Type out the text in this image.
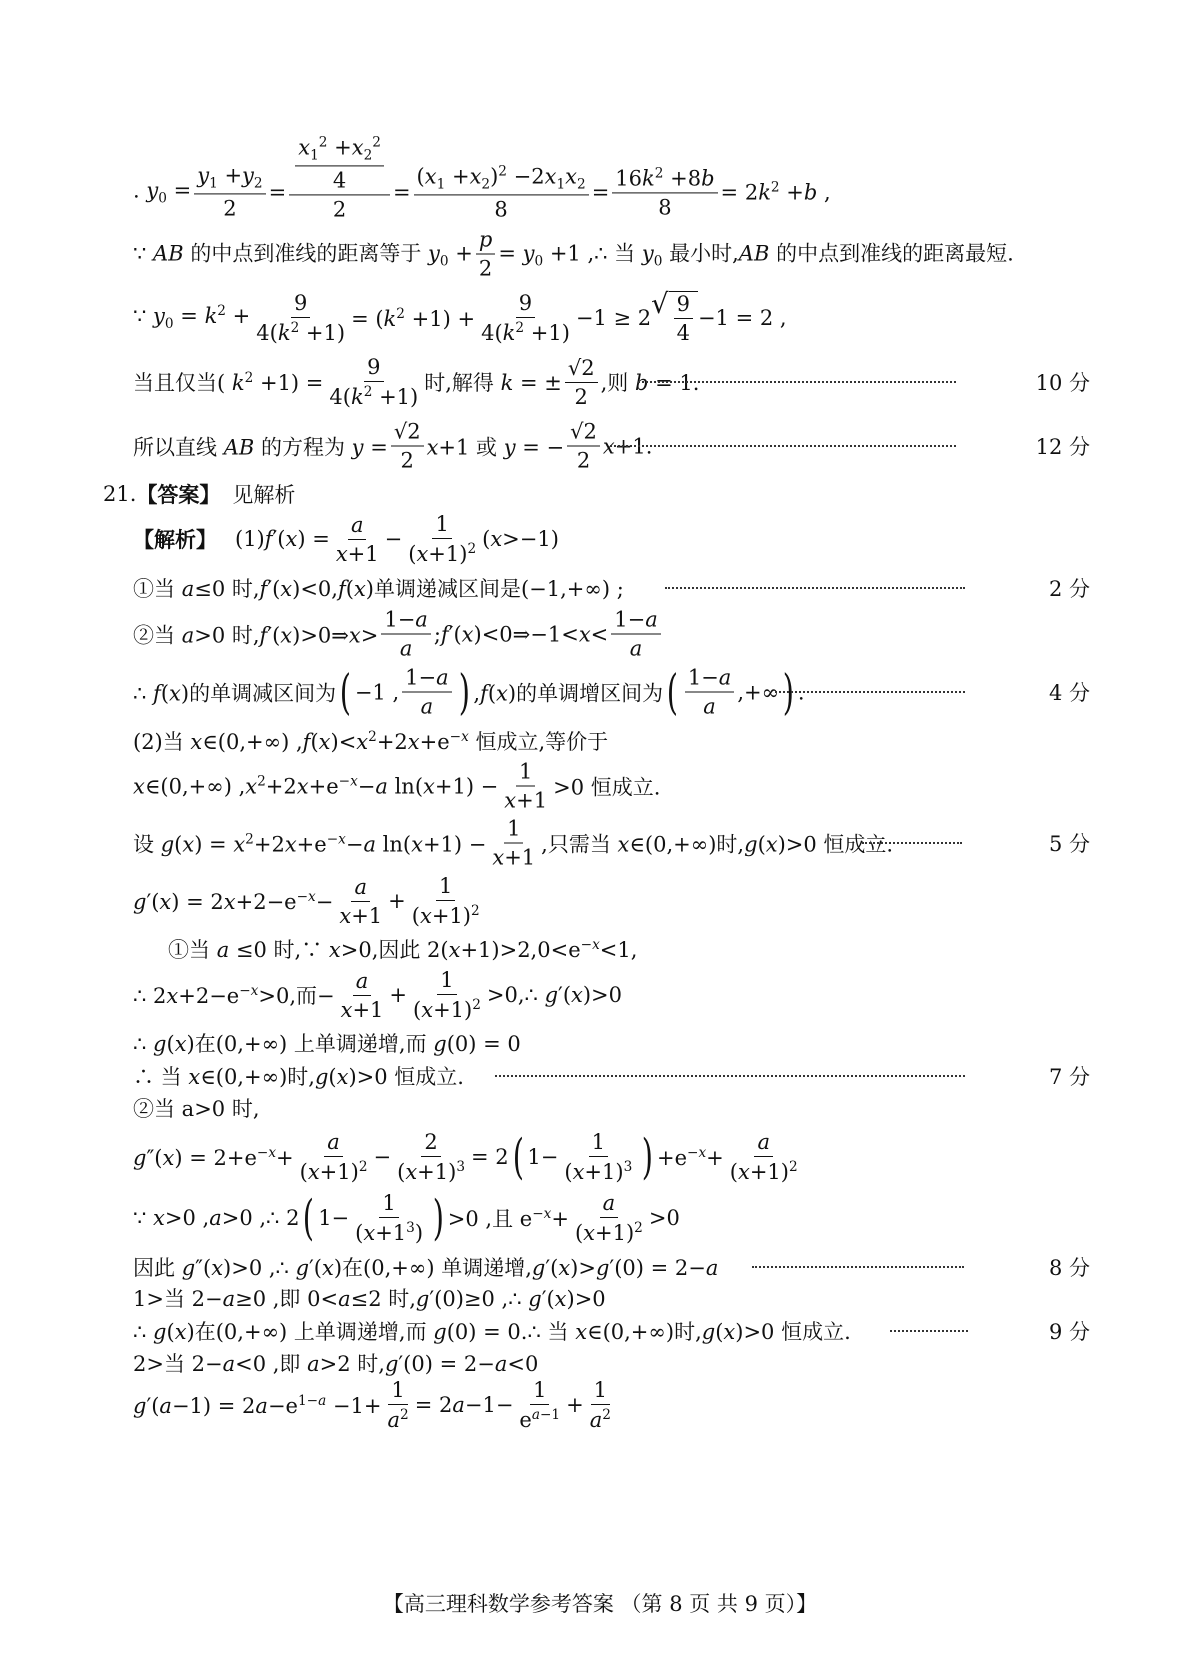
. $y_0 = \frac{y_1 +y_2}{2} = \frac{\frac{x_1^2 +x_2^2}{4}}{2} = \frac{(x_1 +x_2)^2 -2x_1x_2}{8} = \frac{16k^2 +8b}{8} = 2k^2 +b$ ,
∵ AB 的中点到准线的距离等于 $y_0 + \frac{p}{2} = y_0 +1$ ,∴ 当 $y_0$ 最小时,AB 的中点到准线的距离最短.
∵ $y_0 = k^2 + \frac{9}{4(k^2 +1)} = (k^2 +1) + \frac{9}{4(k^2 +1)} -1 \ge 2$ √ $\frac{9}{4} -1 = 2$ ,
当且仅当( $k^2 +1) = \frac{9}{4(k^2 +1)}$ 时,解得 k = ± $\frac{√2}{2}$ ,则 b = 1.	10 分
所以直线 AB 的方程为 $y = \frac{√2}{2} x+1$ 或 y = − $\frac{√2}{2} x+1$.	12 分
21. 【答案】 见解析
【解析】 $(1)f'(x) = \frac{a}{x+1} - \frac{1}{(x+1)^2} (x>-1)$
①当 a≤0 时,f′(x)<0,f(x)单调递减区间是(−1,+∞) ;	2 分
②当 a>0 时,f′(x)>0⇒x> $\frac{1-a}{a}$ ;f′(x)<0⇒−1<x< $\frac{1-a}{a}$
∴ f(x)的单调减区间为 ( −1 , $\frac{1-a}{a}$ ) ,f(x)的单调增区间为 ( $\frac{1-a}{a}$ ,+∞ ) .	4 分
(2)当 x∈(0,+∞) $,f(x)<x^2+2x+e^{-x}$ 恒成立,等价于
x∈(0,+∞) $,x^2+2x+e^{-x}-a$ $\ln(x+1) - \frac{1}{x+1} >0$ 恒成立.
设 $g(x) = x^2+2x+e^{-x}-a$ $\ln(x+1) - \frac{1}{x+1}$ ,只需当 x∈(0,+∞)时,g(x)>0 恒成立.	5 分
$g'(x) = 2x+2-e^{-x}- \frac{a}{x+1} + \frac{1}{(x+1)^2}$
①当 a ≤0 时,∵ x>0,因此 $2(x+1)>2,0<e^{-x}<1$,
∴ $2x+2-e^{-x}>0$,而− $\frac{a}{x+1} + \frac{1}{(x+1)^2}$ >0,∴ g′(x)>0
∴ g(x)在(0,+∞) 上单调递增,而 g(0) = 0
∴ 当 x∈(0,+∞)时,g(x)>0 恒成立.	7 分
②当 a>0 时,
$g''(x) = 2+e^{-x}+ \frac{a}{(x+1)^2} - \frac{2}{(x+1)^3} = 2$ ( $1- \frac{1}{(x+1)^3}$ ) $+e^{-x}+ \frac{a}{(x+1)^2}$
∵ x>0 ,a>0 ,∴ 2 ( $1- \frac{1}{(x+1^3)}$ ) >0 ,且 $e^{-x}+ \frac{a}{(x+1)^2} >0$
因此 g″(x)>0 ,∴ g′(x)在(0,+∞) 单调递增,g′(x)>g′(0) = 2−a	8 分
1>当 2−a≥0 ,即 0<a≤2 时,g′(0)≥0 ,∴ g′(x)>0
∴ g(x)在(0,+∞) 上单调递增,而 g(0) = 0.∴ 当 x∈(0,+∞)时,g(x)>0 恒成立.	9 分
2>当 2−a<0 ,即 a>2 时,g′(0) = 2−a<0
$g'(a-1) = 2a-e^{1-a} -1+ \frac{1}{a^2} = 2a-1- \frac{1}{e^{a-1}} + \frac{1}{a^2}$
【高三理科数学参考答案 （第 8 页 共 9 页）】
